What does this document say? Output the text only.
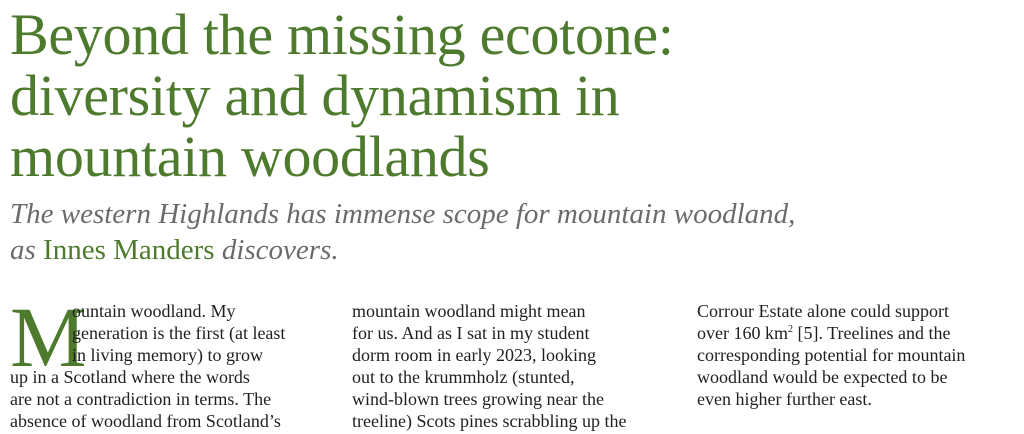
Beyond the missing ecotone:
diversity and dynamism in
mountain woodlands

The western Highlands has immense scope for mountain woodland,
as Innes Manders discovers.

M
ountain woodland. My
generation is the first (at least
in living memory) to grow
up in a Scotland where the words
are not a contradiction in terms. The
absence of woodland from Scotland’s
mountain woodland might mean
for us. And as I sat in my student
dorm room in early 2023, looking
out to the krummholz (stunted,
wind-blown trees growing near the
treeline) Scots pines scrabbling up the
Corrour Estate alone could support
over 160 $km^2$ [5]. Treelines and the
corresponding potential for mountain
woodland would be expected to be
even higher further east.
